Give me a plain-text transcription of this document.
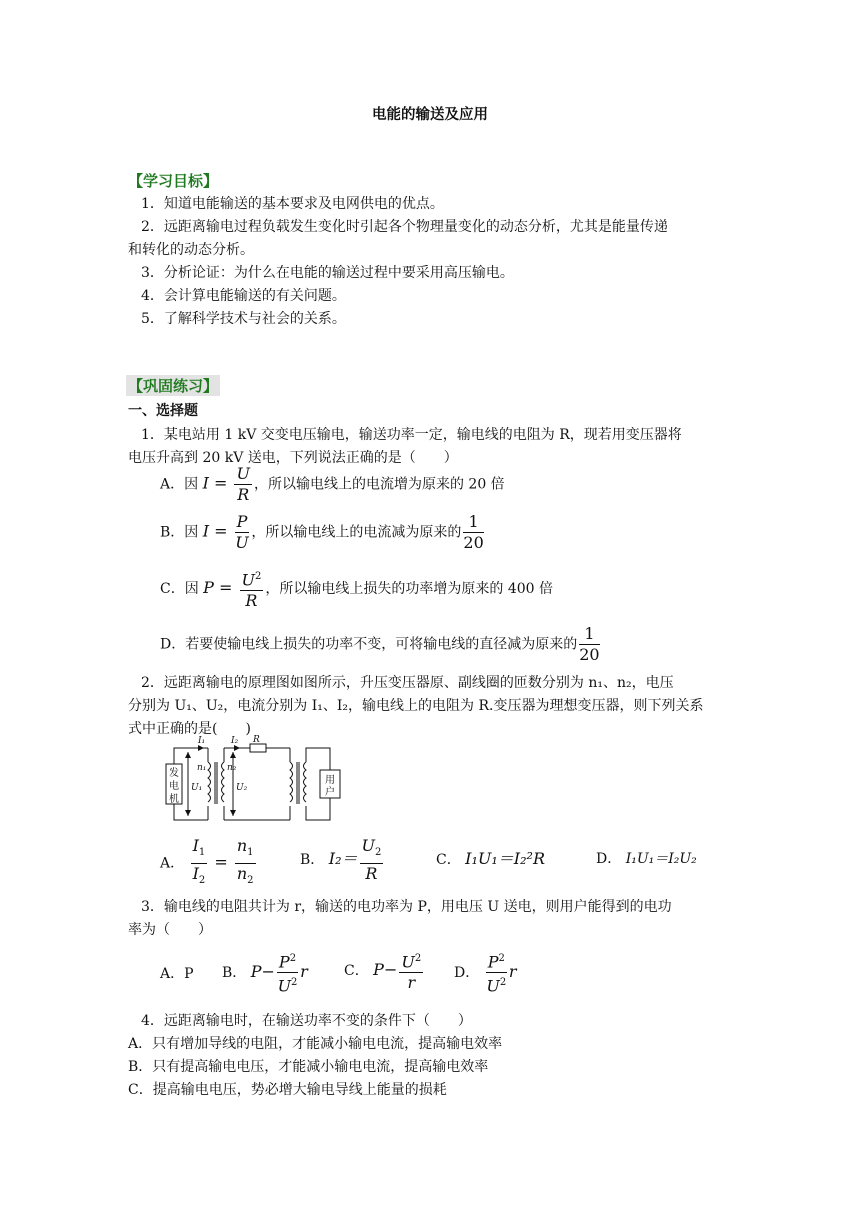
电能的输送及应用
【学习目标】
1．知道电能输送的基本要求及电网供电的优点。
2．远距离输电过程负载发生变化时引起各个物理量变化的动态分析，尤其是能量传递
和转化的动态分析。
3．分析论证：为什么在电能的输送过程中要采用高压输电。
4．会计算电能输送的有关问题。
5．了解科学技术与社会的关系。
【巩固练习】
一、选择题
1．某电站用 1 kV 交变电压输电，输送功率一定，输电线的电阻为 R，现若用变压器将
电压升高到 20 kV 送电，下列说法正确的是（　　）
A．因 $I = \frac{U}{R}$ ，所以输电线上的电流增为原来的 20 倍
B．因 $I = \frac{P}{U}$ ，所以输电线上的电流减为原来的 $\frac{1}{20}$
C．因 $P = \frac{U^2}{R}$ ，所以输电线上损失的功率增为原来的 400 倍
D．若要使输电线上损失的功率不变，可将输电线的直径减为原来的 $\frac{1}{20}$
2．远距离输电的原理图如图所示，升压变压器原、副线圈的匝数分别为 n₁、n₂，电压
分别为 U₁、U₂，电流分别为 I₁、I₂，输电线上的电阻为 R.变压器为理想变压器，则下列关系
式中正确的是(　　)
发
电
机
用
户
I₁	I₂ R
n₁ n₂
U₁	U₂
A． $\frac{I_1}{I_2} = \frac{n_1}{n_2}$	B． $I_2= \frac{U_2}{R}$	C． I₁U₁＝I₂²R	D． I₁U₁＝I₂U₂
3．输电线的电阻共计为 r，输送的电功率为 P，用电压 U 送电，则用户能得到的电功
率为（　　）
A．P B． $P- \frac{P^2}{U^2}$ r	C． $P- \frac{U^2}{r}$ D． $\frac{P^2}{U^2}$ r
4．远距离输电时，在输送功率不变的条件下（　　）
A．只有增加导线的电阻，才能减小输电电流，提高输电效率
B．只有提高输电电压，才能减小输电电流，提高输电效率
C．提高输电电压，势必增大输电导线上能量的损耗
